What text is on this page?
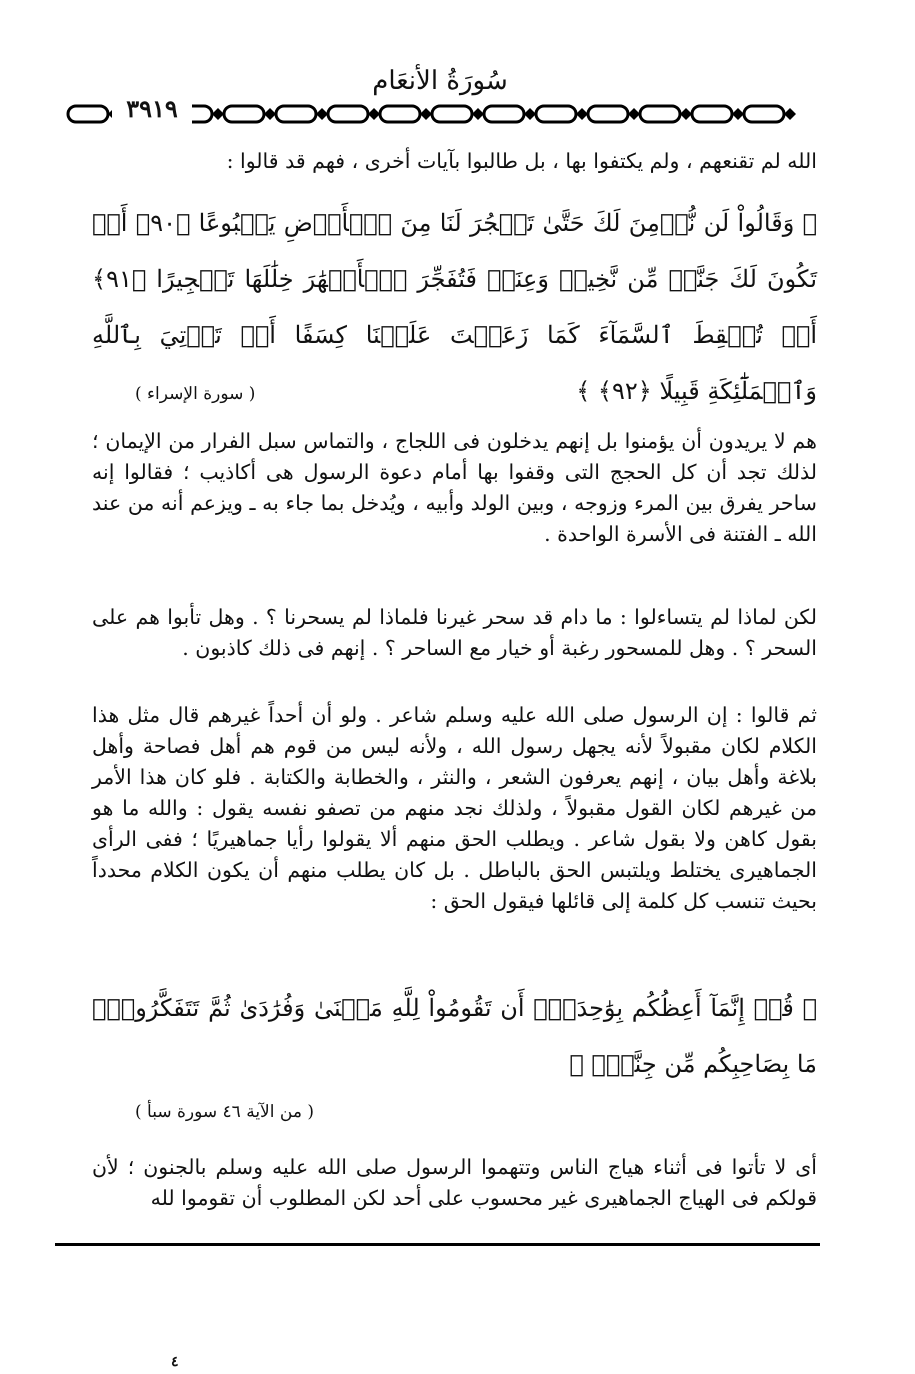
سُورَةُ الأنعَام
٣٩١٩
الله لم تقنعهم ، ولم يكتفوا بها ، بل طالبوا بآيات أخرى ، فهم قد قالوا :
﴿ وَقَالُواْ لَن نُّؤۡمِنَ لَكَ حَتَّىٰ تَفۡجُرَ لَنَا مِنَ ٱلۡأَرۡضِ يَنۢبُوعًا ﴿٩٠﴾ أَوۡ تَكُونَ لَكَ جَنَّةٞ مِّن نَّخِيلٖ وَعِنَبٖ فَتُفَجِّرَ ٱلۡأَنۡهَٰرَ خِلَٰلَهَا تَفۡجِيرًا ﴿٩١﴾ أَوۡ تُسۡقِطَ ٱلسَّمَآءَ كَمَا زَعَمۡتَ عَلَيۡنَا كِسَفًا أَوۡ تَأۡتِيَ بِٱللَّهِ وَٱلۡمَلَٰٓئِكَةِ قَبِيلًا ﴿٩٢﴾ ﴾
( سورة الإسراء )
هم لا يريدون أن يؤمنوا بل إنهم يدخلون فى اللجاج ، والتماس سبل الفرار من الإيمان ؛ لذلك تجد أن كل الحجج التى وقفوا بها أمام دعوة الرسول هى أكاذيب ؛ فقالوا إنه ساحر يفرق بين المرء وزوجه ، وبين الولد وأبيه ، ويُدخل بما جاء به ـ ويزعم أنه من عند الله ـ الفتنة فى الأسرة الواحدة .
لكن لماذا لم يتساءلوا : ما دام قد سحر غيرنا فلماذا لم يسحرنا ؟ . وهل تأبوا هم على السحر ؟ . وهل للمسحور رغبة أو خيار مع الساحر ؟ . إنهم فى ذلك كاذبون .
ثم قالوا : إن الرسول صلى الله عليه وسلم شاعر . ولو أن أحداً غيرهم قال مثل هذا الكلام لكان مقبولاً لأنه يجهل رسول الله ، ولأنه ليس من قوم هم أهل فصاحة وأهل بلاغة وأهل بيان ، إنهم يعرفون الشعر ، والنثر ، والخطابة والكتابة . فلو كان هذا الأمر من غيرهم لكان القول مقبولاً ، ولذلك نجد منهم من تصفو نفسه يقول : والله ما هو بقول كاهن ولا بقول شاعر . ويطلب الحق منهم ألا يقولوا رأيا جماهيريًا ؛ ففى الرأى الجماهيرى يختلط ويلتبس الحق بالباطل . بل كان يطلب منهم أن يكون الكلام محدداً بحيث تنسب كل كلمة إلى قائلها فيقول الحق :
﴿ قُلۡ إِنَّمَآ أَعِظُكُم بِوَٰحِدَةٍۖ أَن تَقُومُواْ لِلَّهِ مَثۡنَىٰ وَفُرَٰدَىٰ ثُمَّ تَتَفَكَّرُواْۚ مَا بِصَاحِبِكُم مِّن جِنَّةٍۚ ﴾
( من الآية ٤٦ سورة سبأ )
أى لا تأتوا فى أثناء هياج الناس وتتهموا الرسول صلى الله عليه وسلم بالجنون ؛ لأن قولكم فى الهياج الجماهيرى غير محسوب على أحد لكن المطلوب أن تقوموا لله
٤
